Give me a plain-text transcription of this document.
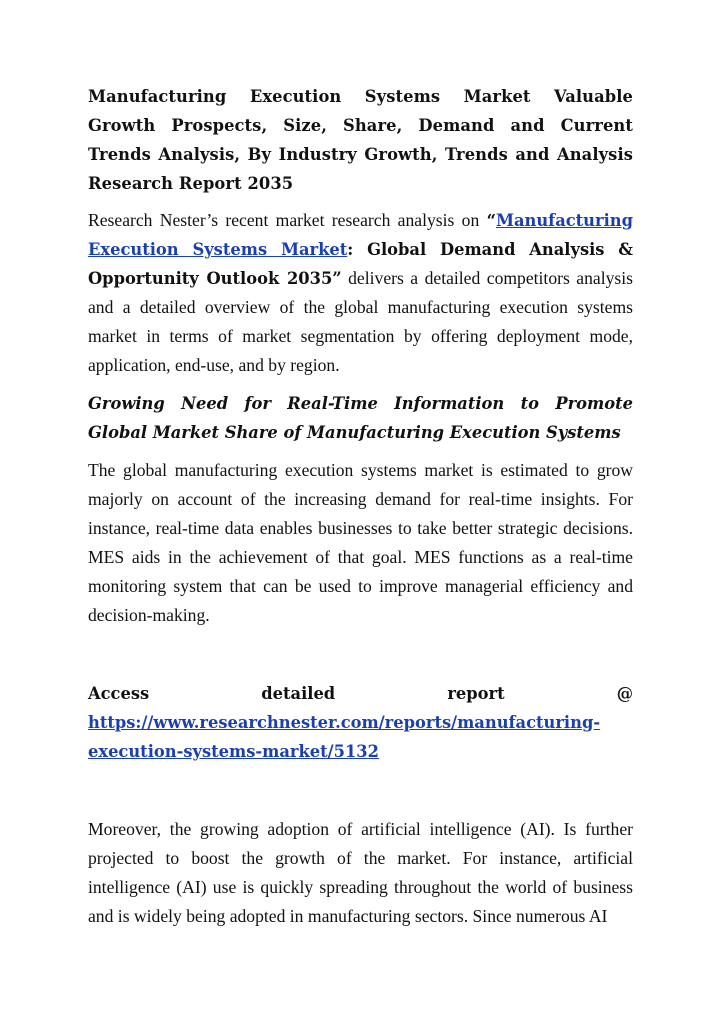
Manufacturing Execution Systems Market Valuable Growth Prospects, Size, Share, Demand and Current Trends Analysis, By Industry Growth, Trends and Analysis Research Report 2035

Research Nester’s recent market research analysis on “Manufacturing Execution Systems Market: Global Demand Analysis & Opportunity Outlook 2035” delivers a detailed competitors analysis and a detailed overview of the global manufacturing execution systems market in terms of market segmentation by offering deployment mode, application, end-use, and by region.

Growing Need for Real-Time Information to Promote Global Market Share of Manufacturing Execution Systems

The global manufacturing execution systems market is estimated to grow majorly on account of the increasing demand for real-time insights. For instance, real-time data enables businesses to take better strategic decisions. MES aids in the achievement of that goal. MES functions as a real-time monitoring system that can be used to improve managerial efficiency and decision-making.

Access	detailed	report	@
https://www.researchnester.com/reports/manufacturing-
execution-systems-market/5132

Moreover, the growing adoption of artificial intelligence (AI). Is further projected to boost the growth of the market. For instance, artificial intelligence (AI) use is quickly spreading throughout the world of business and is widely being adopted in manufacturing sectors. Since numerous AI
